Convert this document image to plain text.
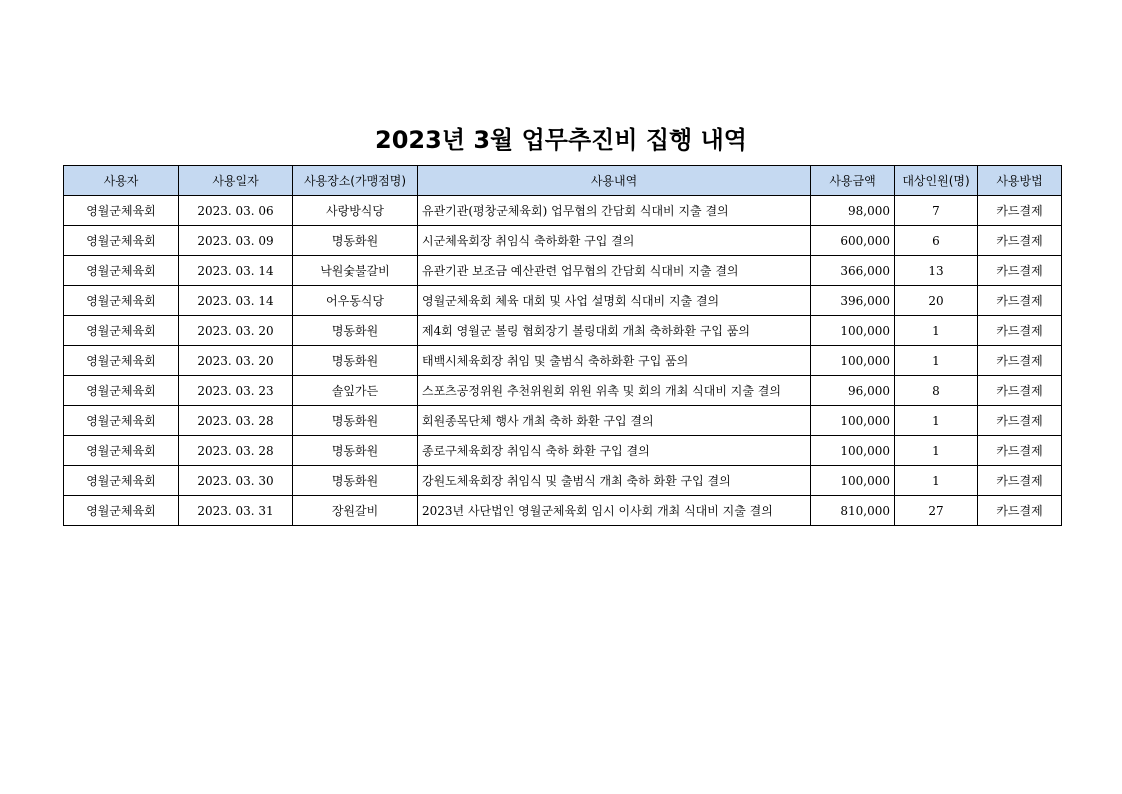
2023년 3월 업무추진비 집행 내역
사용자	사용일자	사용장소(가맹점명)	사용내역	사용금액	대상인원(명)	사용방법
영월군체육회	2023. 03. 06	사랑방식당	유관기관(평창군체육회) 업무협의 간담회 식대비 지출 결의	98,000	7	카드결제
영월군체육회	2023. 03. 09	명동화원	시군체육회장 취임식 축하화환 구입 결의	600,000	6	카드결제
영월군체육회	2023. 03. 14	낙원숯불갈비	유관기관 보조금 예산관련 업무협의 간담회 식대비 지출 결의	366,000	13	카드결제
영월군체육회	2023. 03. 14	어우동식당	영월군체육회 체육 대회 및 사업 설명회 식대비 지출 결의	396,000	20	카드결제
영월군체육회	2023. 03. 20	명동화원	제4회 영월군 볼링 협회장기 볼링대회 개최 축하화환 구입 품의	100,000	1	카드결제
영월군체육회	2023. 03. 20	명동화원	태백시체육회장 취임 및 출범식 축하화환 구입 품의	100,000	1	카드결제
영월군체육회	2023. 03. 23	솔잎가든	스포츠공정위원 추천위원회 위원 위촉 및 회의 개최 식대비 지출 결의	96,000	8	카드결제
영월군체육회	2023. 03. 28	명동화원	회원종목단체 행사 개최 축하 화환 구입 결의	100,000	1	카드결제
영월군체육회	2023. 03. 28	명동화원	종로구체육회장 취임식 축하 화환 구입 결의	100,000	1	카드결제
영월군체육회	2023. 03. 30	명동화원	강원도체육회장 취임식 및 출범식 개최 축하 화환 구입 결의	100,000	1	카드결제
영월군체육회	2023. 03. 31	장원갈비	2023년 사단법인 영월군체육회 임시 이사회 개최 식대비 지출 결의	810,000	27	카드결제
